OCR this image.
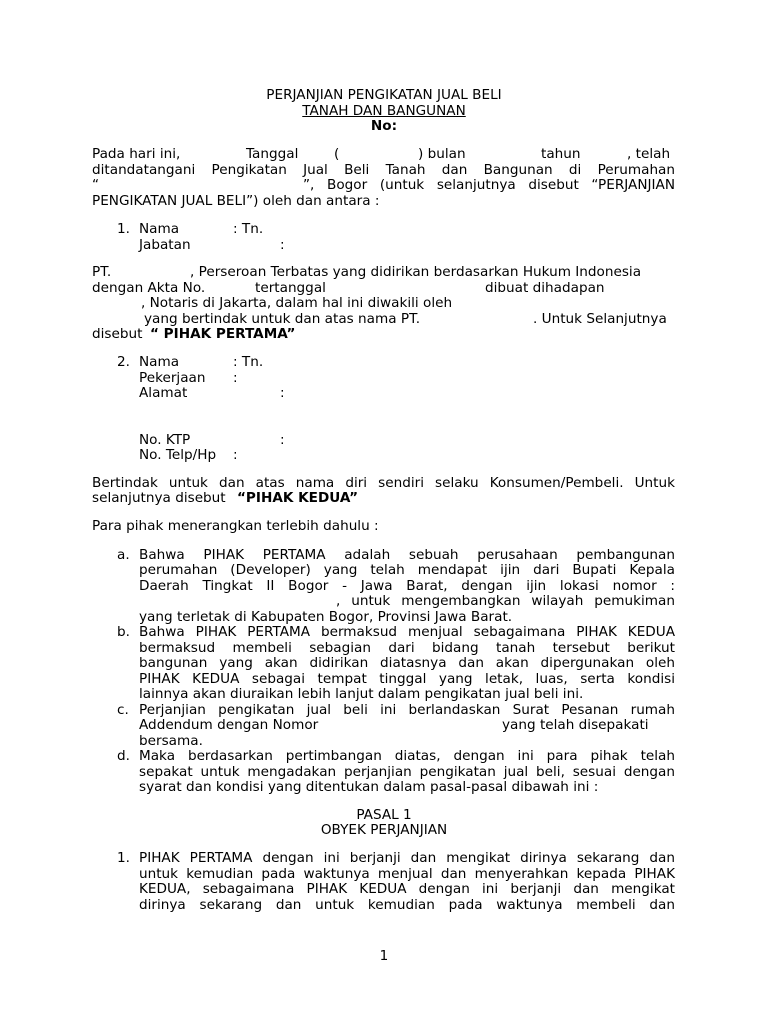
PERJANJIAN PENGIKATAN JUAL BELI
TANAH DAN BANGUNAN
No:
Pada hari ini,	Tanggal	(	) bulan	tahun	, telah
ditandatangani Pengikatan Jual Beli Tanah dan Bangunan di Perumahan
“	”, Bogor (untuk selanjutnya disebut “PERJANJIAN
PENGIKATAN JUAL BELI”) oleh dan antara :
1. Nama	: Tn.
Jabatan	:
PT.	, Perseroan Terbatas yang didirikan berdasarkan Hukum Indonesia
dengan Akta No.	tertanggal	dibuat dihadapan
, Notaris di Jakarta, dalam hal ini diwakili oleh
yang bertindak untuk dan atas nama PT.	. Untuk Selanjutnya
disebut “ PIHAK PERTAMA”
2. Nama	: Tn.
Pekerjaan :
Alamat	:
No. KTP	:
No. Telp/Hp :
Bertindak untuk dan atas nama diri sendiri selaku Konsumen/Pembeli. Untuk
selanjutnya disebut “PIHAK KEDUA”
Para pihak menerangkan terlebih dahulu :
a. Bahwa PIHAK PERTAMA adalah sebuah perusahaan pembangunan
perumahan (Developer) yang telah mendapat ijin dari Bupati Kepala
Daerah Tingkat II Bogor - Jawa Barat, dengan ijin lokasi nomor :
, untuk mengembangkan wilayah pemukiman
yang terletak di Kabupaten Bogor, Provinsi Jawa Barat.
b. Bahwa PIHAK PERTAMA bermaksud menjual sebagaimana PIHAK KEDUA
bermaksud membeli sebagian dari bidang tanah tersebut berikut
bangunan yang akan didirikan diatasnya dan akan dipergunakan oleh
PIHAK KEDUA sebagai tempat tinggal yang letak, luas, serta kondisi
lainnya akan diuraikan lebih lanjut dalam pengikatan jual beli ini.
c. Perjanjian pengikatan jual beli ini berlandaskan Surat Pesanan rumah
Addendum dengan Nomor	yang telah disepakati
bersama.
d. Maka berdasarkan pertimbangan diatas, dengan ini para pihak telah
sepakat untuk mengadakan perjanjian pengikatan jual beli, sesuai dengan
syarat dan kondisi yang ditentukan dalam pasal-pasal dibawah ini :
PASAL 1
OBYEK PERJANJIAN
1. PIHAK PERTAMA dengan ini berjanji dan mengikat dirinya sekarang dan
untuk kemudian pada waktunya menjual dan menyerahkan kepada PIHAK
KEDUA, sebagaimana PIHAK KEDUA dengan ini berjanji dan mengikat
dirinya sekarang dan untuk kemudian pada waktunya membeli dan
1
